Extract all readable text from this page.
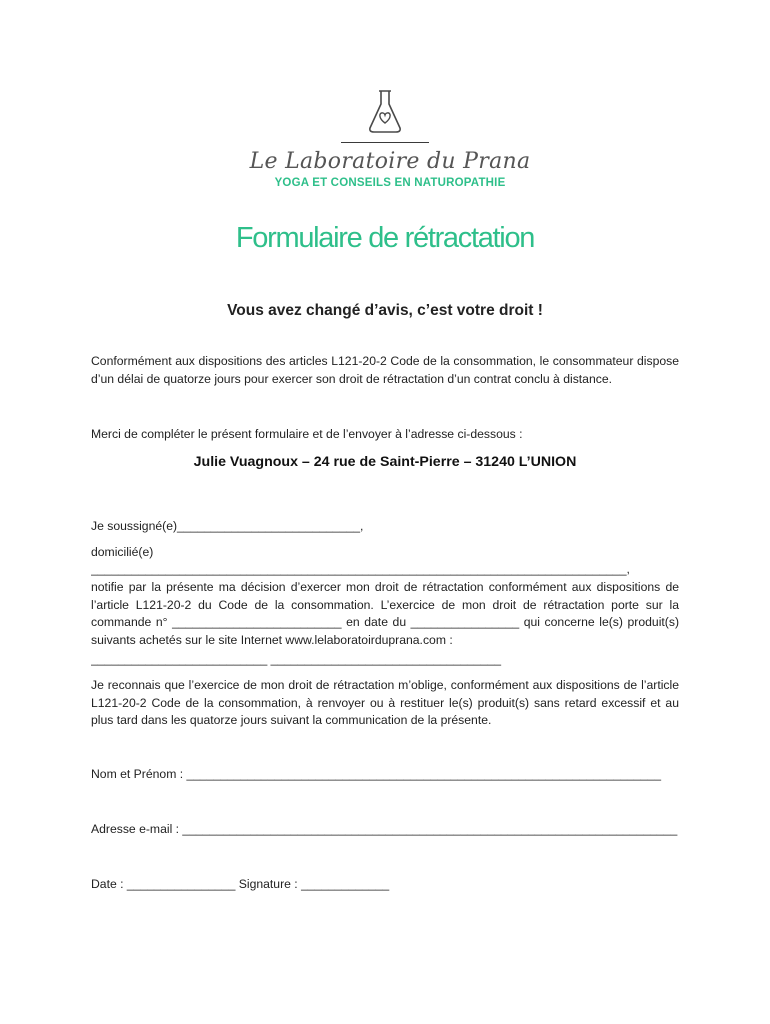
Le Laboratoire du Prana
YOGA ET CONSEILS EN NATUROPATHIE
Formulaire de rétractation
Vous avez changé d’avis, c’est votre droit !
Conformément aux dispositions des articles L121-20-2 Code de la consommation, le consommateur dispose d’un délai de quatorze jours pour exercer son droit de rétractation d’un contrat conclu à distance.
Merci de compléter le présent formulaire et de l’envoyer à l’adresse ci-dessous :
Julie Vuagnoux – 24 rue de Saint-Pierre – 31240 L’UNION
Je soussigné(e)___________________________,
domicilié(e)
_______________________________________________________________________________,
notifie par la présente ma décision d’exercer mon droit de rétractation conformément aux dispositions de l’article L121-20-2 du Code de la consommation. L’exercice de mon droit de rétractation porte sur la commande n° _________________________ en date du ________________ qui concerne le(s) produit(s) suivants achetés sur le site Internet www.lelaboratoirduprana.com :
__________________________ __________________________________
Je reconnais que l’exercice de mon droit de rétractation m’oblige, conformément aux dispositions de l’article L121-20-2 Code de la consommation, à renvoyer ou à restituer le(s) produit(s) sans retard excessif et au plus tard dans les quatorze jours suivant la communication de la présente.
Nom et Prénom : ______________________________________________________________________
Adresse e-mail : _________________________________________________________________________
Date : ________________ Signature : _____________
